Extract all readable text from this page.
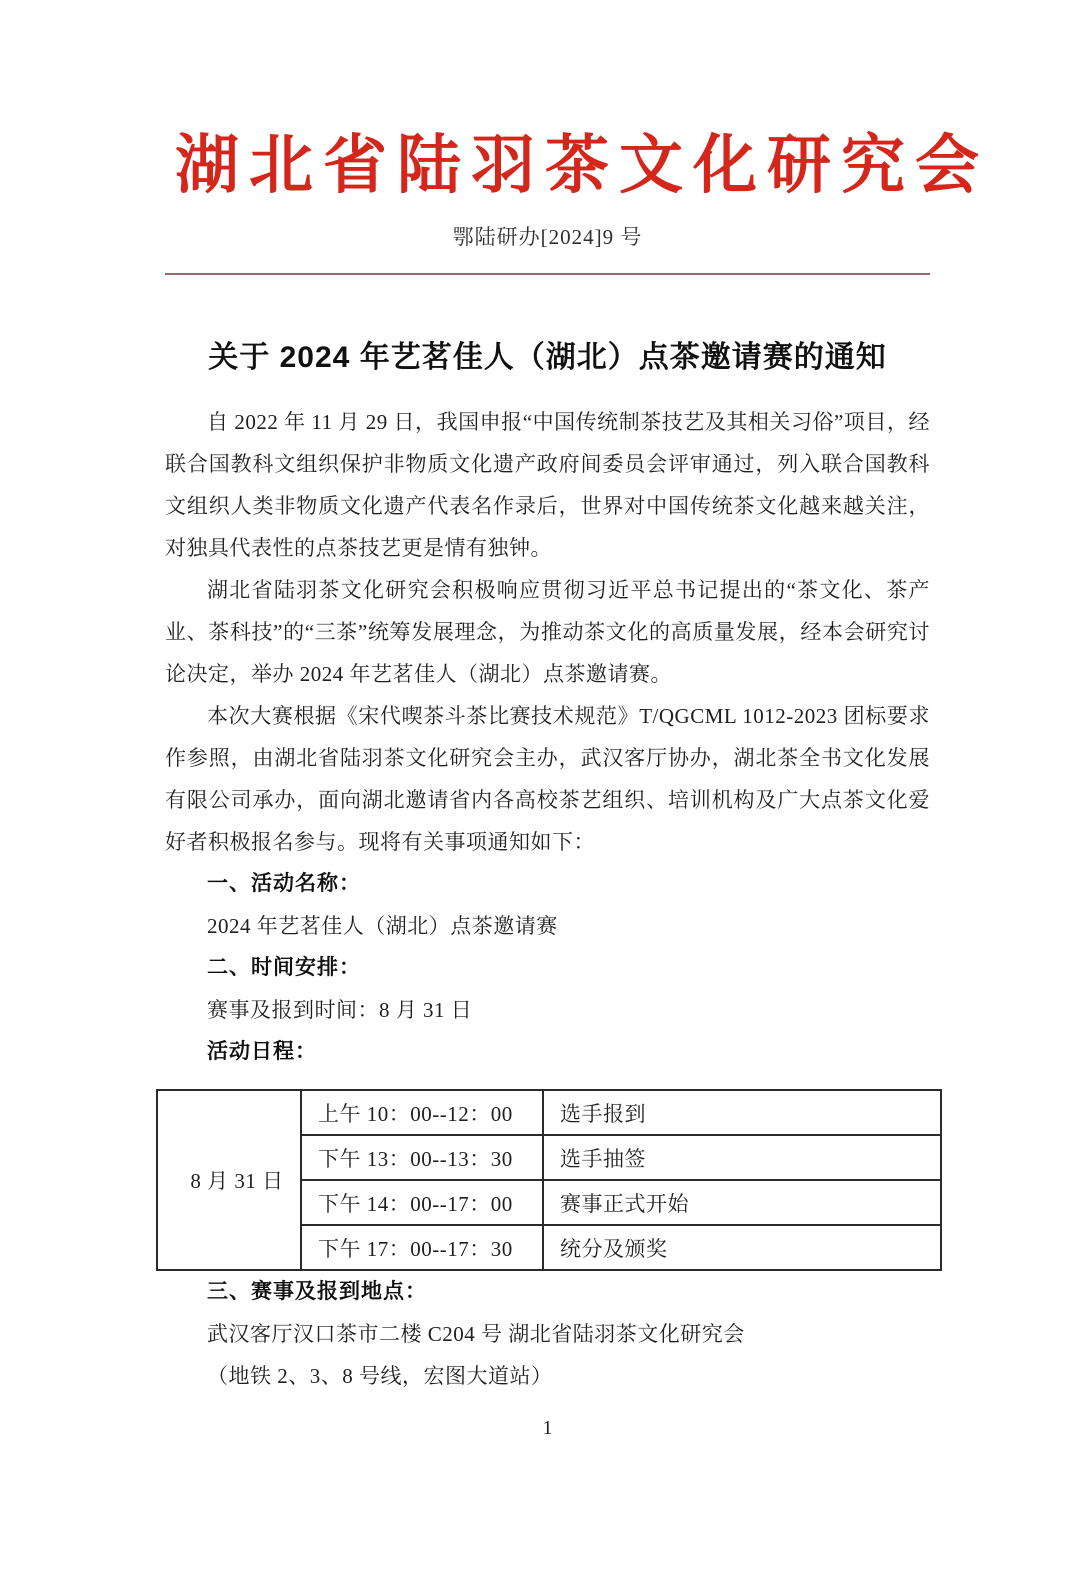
湖北省陆羽茶文化研究会
鄂陆研办[2024]9 号
关于 2024 年艺茗佳人（湖北）点茶邀请赛的通知

自 2022 年 11 月 29 日，我国申报“中国传统制茶技艺及其相关习俗”项目，经联合国教科文组织保护非物质文化遗产政府间委员会评审通过，列入联合国教科文组织人类非物质文化遗产代表名作录后，世界对中国传统茶文化越来越关注，对独具代表性的点茶技艺更是情有独钟。

湖北省陆羽茶文化研究会积极响应贯彻习近平总书记提出的“茶文化、茶产业、茶科技”的“三茶”统筹发展理念，为推动茶文化的高质量发展，经本会研究讨论决定，举办 2024 年艺茗佳人（湖北）点茶邀请赛。

本次大赛根据《宋代喫茶斗茶比赛技术规范》T/QGCML 1012-2023 团标要求作参照，由湖北省陆羽茶文化研究会主办，武汉客厅协办，湖北茶全书文化发展有限公司承办，面向湖北邀请省内各高校茶艺组织、培训机构及广大点茶文化爱好者积极报名参与。现将有关事项通知如下：

一、活动名称：

2024 年艺茗佳人（湖北）点茶邀请赛

二、时间安排：

赛事及报到时间：8 月 31 日

活动日程：

8 月 31 日	上午 10：00--12：00	选手报到
	下午 13：00--13：30	选手抽签
	下午 14：00--17：00	赛事正式开始
	下午 17：00--17：30	统分及颁奖

三、赛事及报到地点：

武汉客厅汉口茶市二楼 C204 号 湖北省陆羽茶文化研究会

（地铁 2、3、8 号线，宏图大道站）

1
